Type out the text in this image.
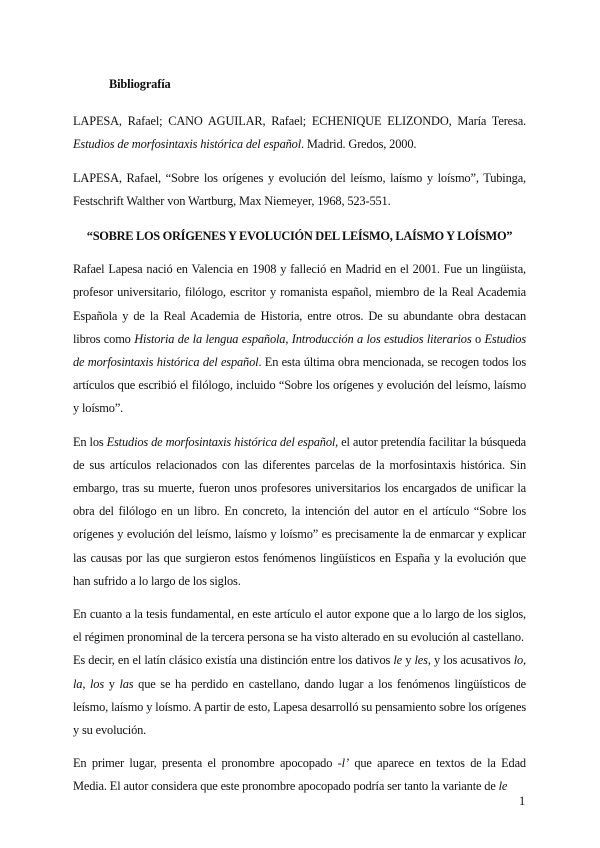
Bibliografía

LAPESA, Rafael; CANO AGUILAR, Rafael; ECHENIQUE ELIZONDO, María Teresa. Estudios de morfosintaxis histórica del español. Madrid. Gredos, 2000.

LAPESA, Rafael, “Sobre los orígenes y evolución del leísmo, laísmo y loísmo”, Tubinga, Festschrift Walther von Wartburg, Max Niemeyer, 1968, 523-551.

“SOBRE LOS ORÍGENES Y EVOLUCIÓN DEL LEÍSMO, LAÍSMO Y LOÍSMO”

Rafael Lapesa nació en Valencia en 1908 y falleció en Madrid en el 2001. Fue un lingüista, profesor universitario, filólogo, escritor y romanista español, miembro de la Real Academia Española y de la Real Academia de Historia, entre otros. De su abundante obra destacan libros como Historia de la lengua española, Introducción a los estudios literarios o Estudios de morfosintaxis histórica del español. En esta última obra mencionada, se recogen todos los artículos que escribió el filólogo, incluido “Sobre los orígenes y evolución del leísmo, laísmo y loísmo”.

En los Estudios de morfosintaxis histórica del español, el autor pretendía facilitar la búsqueda de sus artículos relacionados con las diferentes parcelas de la morfosintaxis histórica. Sin embargo, tras su muerte, fueron unos profesores universitarios los encargados de unificar la obra del filólogo en un libro. En concreto, la intención del autor en el artículo “Sobre los orígenes y evolución del leísmo, laísmo y loísmo” es precisamente la de enmarcar y explicar las causas por las que surgieron estos fenómenos lingüísticos en España y la evolución que han sufrido a lo largo de los siglos.

En cuanto a la tesis fundamental, en este artículo el autor expone que a lo largo de los siglos, el régimen pronominal de la tercera persona se ha visto alterado en su evolución al castellano.

Es decir, en el latín clásico existía una distinción entre los dativos le y les, y los acusativos lo, la, los y las que se ha perdido en castellano, dando lugar a los fenómenos lingüísticos de leísmo, laísmo y loísmo. A partir de esto, Lapesa desarrolló su pensamiento sobre los orígenes y su evolución.

En primer lugar, presenta el pronombre apocopado -l’ que aparece en textos de la Edad Media. El autor considera que este pronombre apocopado podría ser tanto la variante de le

1
